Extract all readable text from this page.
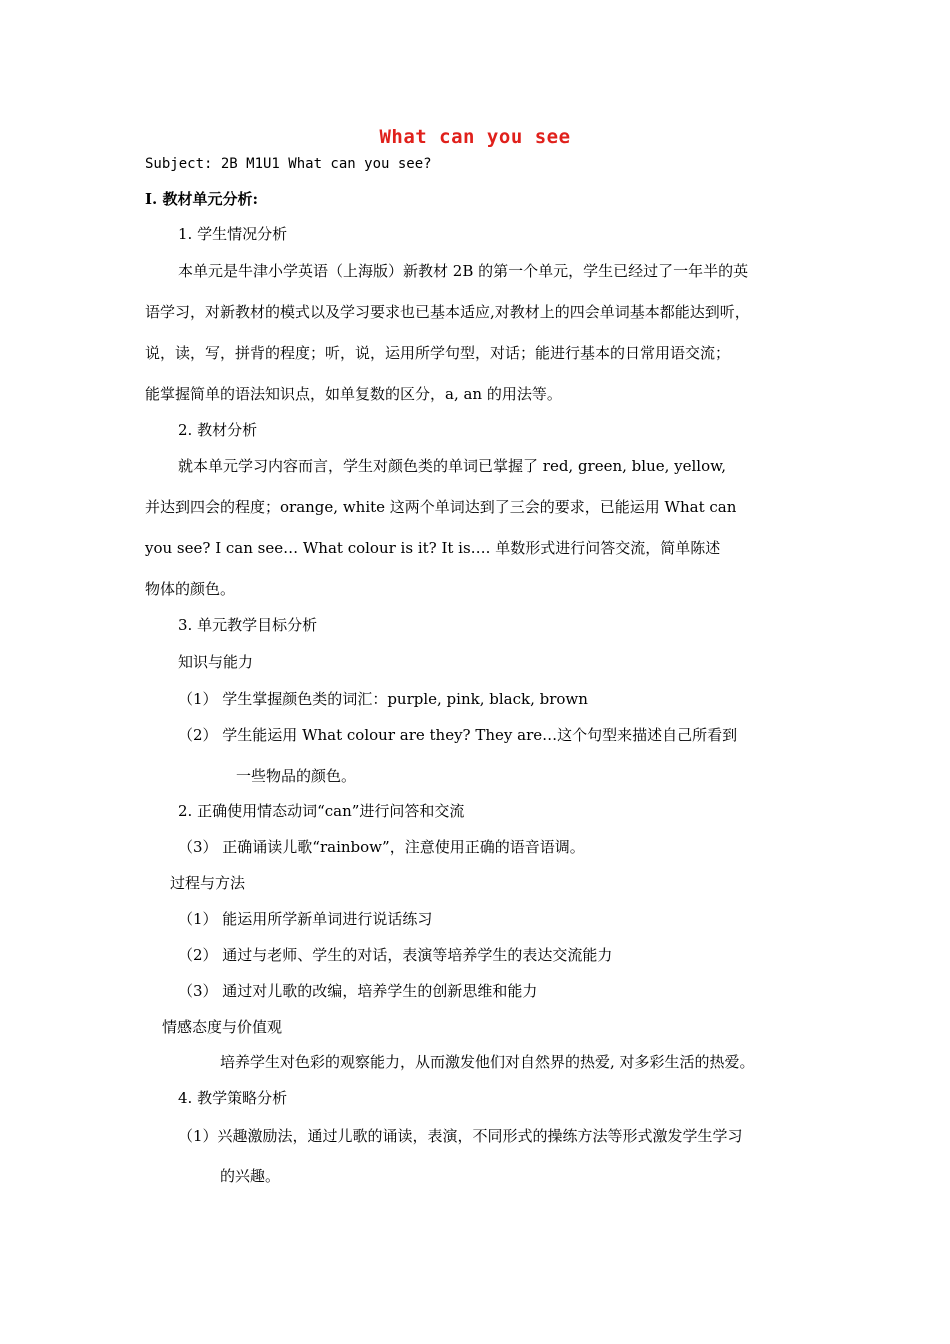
What can you see
Subject: 2B M1U1 What can you see?
Ⅰ. 教材单元分析:
1. 学生情况分析
本单元是牛津小学英语（上海版）新教材 2B 的第一个单元，学生已经过了一年半的英
语学习，对新教材的模式以及学习要求也已基本适应,对教材上的四会单词基本都能达到听，
说，读，写，拼背的程度；听，说，运用所学句型，对话；能进行基本的日常用语交流；
能掌握简单的语法知识点，如单复数的区分，a, an 的用法等。
2. 教材分析
就本单元学习内容而言，学生对颜色类的单词已掌握了 red, green, blue, yellow,
并达到四会的程度；orange, white 这两个单词达到了三会的要求，已能运用 What can
you see? I can see… What colour is it? It is…. 单数形式进行问答交流，简单陈述
物体的颜色。
3. 单元教学目标分析
知识与能力
（1） 学生掌握颜色类的词汇：purple, pink, black, brown
（2） 学生能运用 What colour are they? They are…这个句型来描述自己所看到
一些物品的颜色。
2. 正确使用情态动词“can”进行问答和交流
（3） 正确诵读儿歌“rainbow”，注意使用正确的语音语调。
过程与方法
（1） 能运用所学新单词进行说话练习
（2） 通过与老师、学生的对话，表演等培养学生的表达交流能力
（3） 通过对儿歌的改编，培养学生的创新思维和能力
情感态度与价值观
培养学生对色彩的观察能力，从而激发他们对自然界的热爱, 对多彩生活的热爱。
4. 教学策略分析
（1）兴趣激励法，通过儿歌的诵读，表演，不同形式的操练方法等形式激发学生学习
的兴趣。
